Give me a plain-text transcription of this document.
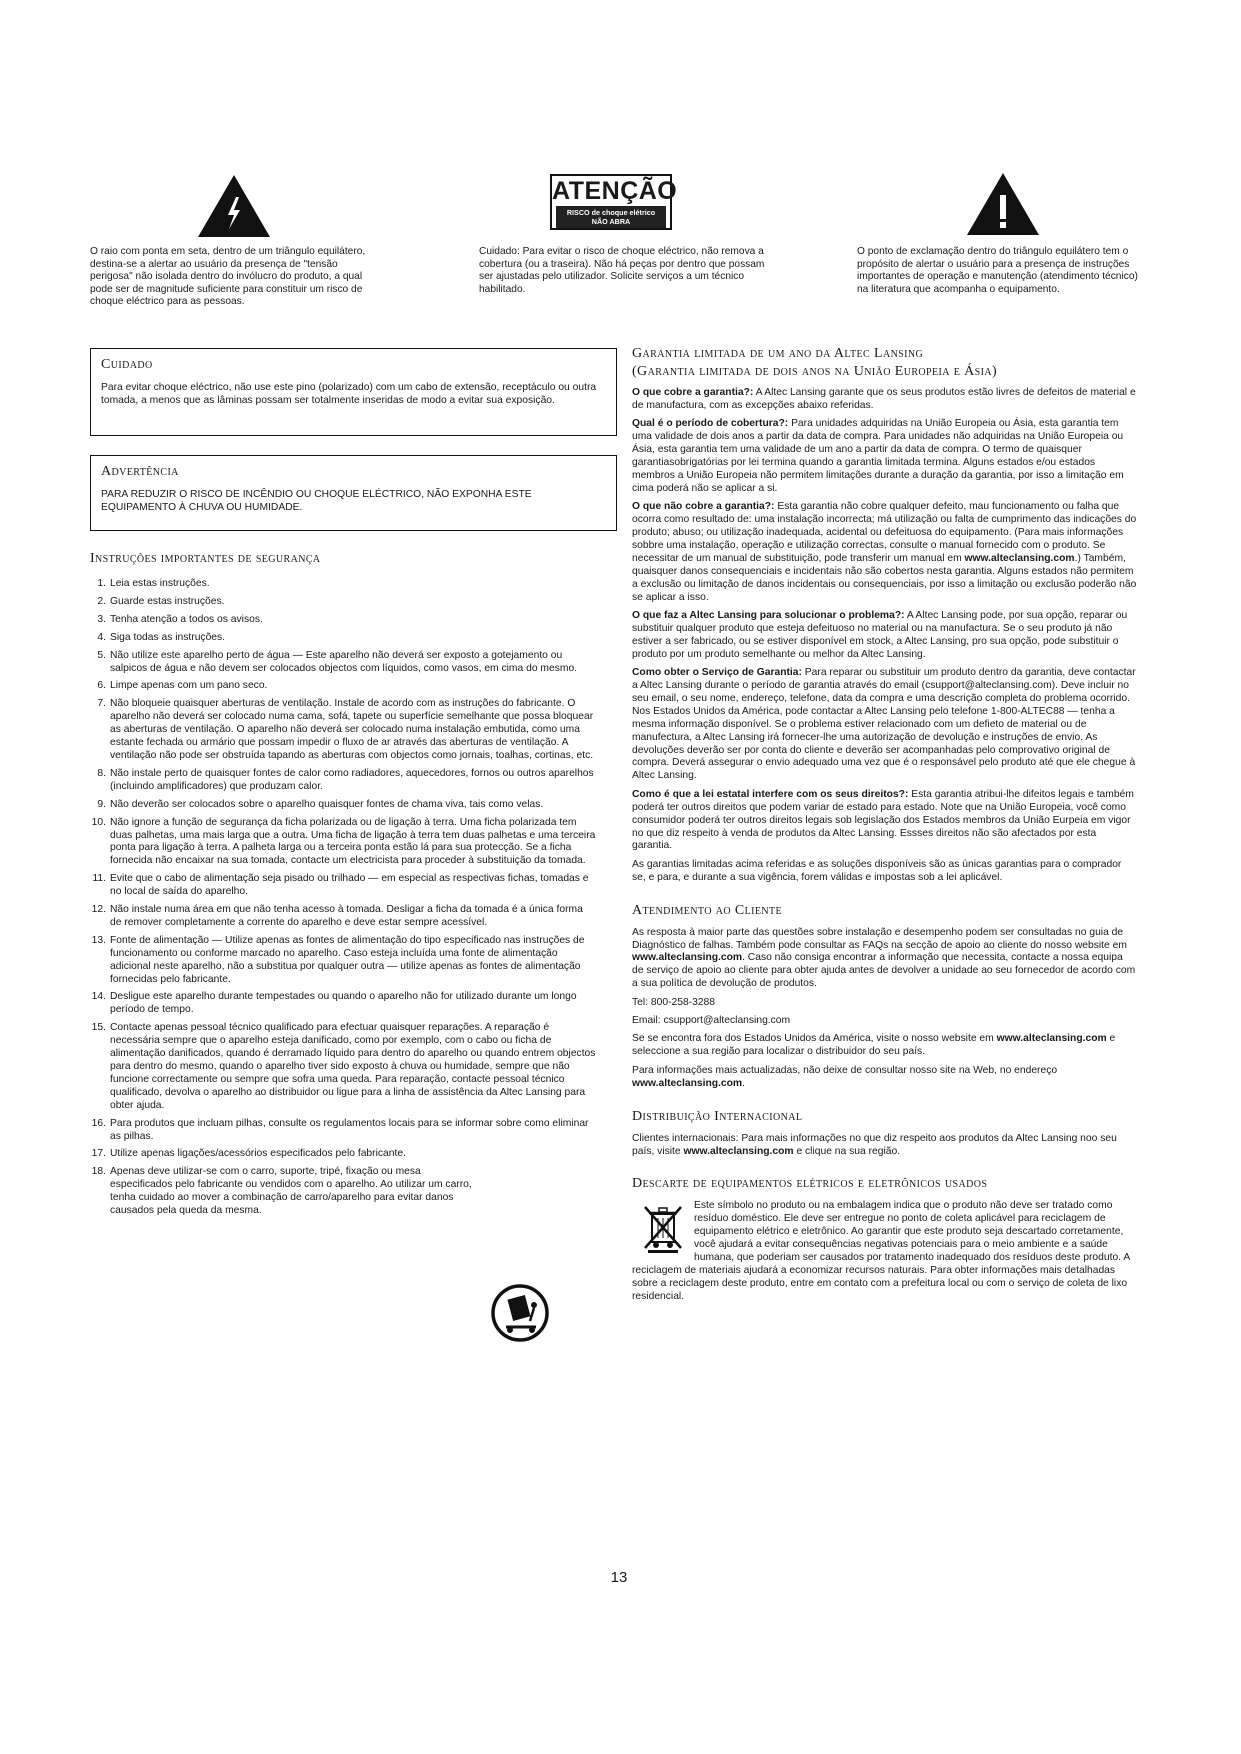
ATENÇÃO
RISCO de choque elétrico
NÃO ABRA
O raio com ponta em seta, dentro de um triângulo equilátero, destina-se a alertar ao usuário da presença de "tensão perigosa" não isolada dentro do invólucro do produto, a qual pode ser de magnitude suficiente para constituir um risco de choque eléctrico para as pessoas.
Cuidado: Para evitar o risco de choque eléctrico, não remova a cobertura (ou a traseira). Não há peças por dentro que possam ser ajustadas pelo utilizador. Solicite serviços a um técnico habilitado.
O ponto de exclamação dentro do triângulo equilátero tem o propósito de alertar o usuário para a presença de instruções importantes de operação e manutenção (atendimento técnico) na literatura que acompanha o equipamento.
Cuidado
Para evitar choque eléctrico, não use este pino (polarizado) com um cabo de extensão, receptáculo ou outra tomada, a menos que as lâminas possam ser totalmente inseridas de modo a evitar sua exposição.
Advertência
PARA REDUZIR O RISCO DE INCÊNDIO OU CHOQUE ELÉCTRICO, NÃO EXPONHA ESTE EQUIPAMENTO À CHUVA OU HUMIDADE.
Instruções importantes de segurança
1. Leia estas instruções.
2. Guarde estas instruções.
3. Tenha atenção a todos os avisos.
4. Siga todas as instruções.
5. Não utilize este aparelho perto de água — Este aparelho não deverá ser exposto a gotejamento ou salpicos de água e não devem ser colocados objectos com líquidos, como vasos, em cima do mesmo.
6. Limpe apenas com um pano seco.
7. Não bloqueie quaisquer aberturas de ventilação. Instale de acordo com as instruções do fabricante. O aparelho não deverá ser colocado numa cama, sofá, tapete ou superfície semelhante que possa bloquear as aberturas de ventilação. O aparelho não deverá ser colocado numa instalação embutida, como uma estante fechada ou armário que possam impedir o fluxo de ar através das aberturas de ventilação. A ventilação não pode ser obstruída tapando as aberturas com objectos como jornais, toalhas, cortinas, etc.
8. Não instale perto de quaisquer fontes de calor como radiadores, aquecedores, fornos ou outros aparelhos (incluindo amplificadores) que produzam calor.
9. Não deverão ser colocados sobre o aparelho quaisquer fontes de chama viva, tais como velas.
10. Não ignore a função de segurança da ficha polarizada ou de ligação à terra. Uma ficha polarizada tem duas palhetas, uma mais larga que a outra. Uma ficha de ligação à terra tem duas palhetas e uma terceira ponta para ligação à terra. A palheta larga ou a terceira ponta estão lá para sua protecção. Se a ficha fornecida não encaixar na sua tomada, contacte um electricista para proceder à substituição da tomada.
11. Evite que o cabo de alimentação seja pisado ou trilhado — em especial as respectivas fichas, tomadas e no local de saída do aparelho.
12. Não instale numa área em que não tenha acesso à tomada. Desligar a ficha da tomada é a única forma de remover completamente a corrente do aparelho e deve estar sempre acessível.
13. Fonte de alimentação — Utilize apenas as fontes de alimentação do tipo especificado nas instruções de funcionamento ou conforme marcado no aparelho. Caso esteja incluída uma fonte de alimentação adicional neste aparelho, não a substitua por qualquer outra — utilize apenas as fontes de alimentação fornecidas pelo fabricante.
14. Desligue este aparelho durante tempestades ou quando o aparelho não for utilizado durante um longo período de tempo.
15. Contacte apenas pessoal técnico qualificado para efectuar quaisquer reparações. A reparação é necessária sempre que o aparelho esteja danificado, como por exemplo, com o cabo ou ficha de alimentação danificados, quando é derramado líquido para dentro do aparelho ou quando entrem objectos para dentro do mesmo, quando o aparelho tiver sido exposto à chuva ou humidade, sempre que não funcione correctamente ou sempre que sofra uma queda. Para reparação, contacte pessoal técnico qualificado, devolva o aparelho ao distribuidor ou ligue para a linha de assistência da Altec Lansing para obter ajuda.
16. Para produtos que incluam pilhas, consulte os regulamentos locais para se informar sobre como eliminar as pilhas.
17. Utilize apenas ligações/acessórios especificados pelo fabricante.
18. Apenas deve utilizar-se com o carro, suporte, tripé, fixação ou mesa especificados pelo fabricante ou vendidos com o aparelho. Ao utilizar um carro, tenha cuidado ao mover a combinação de carro/aparelho para evitar danos causados pela queda da mesma.
Garantia limitada de um ano da Altec Lansing
(Garantia limitada de dois anos na União Europeia e Ásia)

O que cobre a garantia?: A Altec Lansing garante que os seus produtos estão livres de defeitos de material e de manufactura, com as excepções abaixo referidas.

Qual é o período de cobertura?: Para unidades adquiridas na União Europeia ou Ásia, esta garantia tem uma validade de dois anos a partir da data de compra. Para unidades não adquiridas na União Europeia ou Ásia, esta garantia tem uma validade de um ano a partir da data de compra. O termo de quaisquer garantiasobrigatórias por lei termina quando a garantia limitada termina. Alguns estados e/ou estados membros a União Europeia não permitem limitações durante a duração da garantia, por isso a limitação em cima poderá não se aplicar a si.

O que não cobre a garantia?: Esta garantia não cobre qualquer defeito, mau funcionamento ou falha que ocorra como resultado de: uma instalação incorrecta; má utilização ou falta de cumprimento das indicações do produto; abuso; ou utilização inadequada, acidental ou defeituosa do equipamento. (Para mais informações sobbre uma instalação, operação e utilização correctas, consulte o manual fornecido com o produto. Se necessitar de um manual de substituição, pode transferir um manual em www.alteclansing.com.) Também, quaisquer danos consequenciais e incidentais não são cobertos nesta garantia. Alguns estados não permitem a exclusão ou limitação de danos incidentais ou consequenciais, por isso a limitação ou exclusão poderão não se aplicar a isso.

O que faz a Altec Lansing para solucionar o problema?: A Altec Lansing pode, por sua opção, reparar ou substituir qualquer produto que esteja defeituoso no material ou na manufactura. Se o seu produto já não estiver a ser fabricado, ou se estiver disponível em stock, a Altec Lansing, pro sua opção, pode substituir o produto por um produto semelhante ou melhor da Altec Lansing.

Como obter o Serviço de Garantia: Para reparar ou substituir um produto dentro da garantia, deve contactar a Altec Lansing durante o período de garantia através do email (csupport@alteclansing.com). Deve incluir no seu email, o seu nome, endereço, telefone, data da compra e uma descrição completa do problema ocorrido. Nos Estados Unidos da América, pode contactar a Altec Lansing pelo telefone 1-800-ALTEC88 — tenha a mesma informação disponível. Se o problema estiver relacionado com um defieto de material ou de manufectura, a Altec Lansing irá fornecer-lhe uma autorização de devolução e instruções de envio. As devoluções deverão ser por conta do cliente e deverão ser acompanhadas pelo comprovativo original de compra. Deverá assegurar o envio adequado uma vez que é o responsável pelo produto até que ele chegue à Altec Lansing.

Como é que a lei estatal interfere com os seus direitos?: Esta garantia atribui-lhe difeitos legais e também poderá ter outros direitos que podem variar de estado para estado. Note que na União Europeia, você como consumidor poderá ter outros direitos legais sob legislação dos Estados membros da União Eurpeia em vigor no que diz respeito à venda de produtos da Altec Lansing. Essses direitos não são afectados por esta garantia.

As garantias limitadas acima referidas e as soluções disponíveis são as únicas garantias para o comprador se, e para, e durante a sua vigência, forem válidas e impostas sob a lei aplicável.

Atendimento ao Cliente

As resposta à maior parte das questões sobre instalação e desempenho podem ser consultadas no guia de Diagnóstico de falhas. Também pode consultar as FAQs na secção de apoio ao cliente do nosso website em www.alteclansing.com. Caso não consiga encontrar a informação que necessita, contacte a nossa equipa de serviço de apoio ao cliente para obter ajuda antes de devolver a unidade ao seu fornecedor de acordo com a sua política de devolução de produtos.

Tel: 800-258-3288

Email: csupport@alteclansing.com

Se se encontra fora dos Estados Unidos da América, visite o nosso website em www.alteclansing.com e seleccione a sua região para localizar o distribuidor do seu país.

Para informações mais actualizadas, não deixe de consultar nosso site na Web, no endereço www.alteclansing.com.

Distribuição Internacional

Clientes internacionais: Para mais informações no que diz respeito aos produtos da Altec Lansing noo seu país, visite www.alteclansing.com e clique na sua região.

Descarte de equipamentos elétricos e eletrônicos usados
Este símbolo no produto ou na embalagem indica que o produto não deve ser tratado como resíduo doméstico. Ele deve ser entregue no ponto de coleta aplicável para reciclagem de equipamento elétrico e eletrônico. Ao garantir que este produto seja descartado corretamente, você ajudará a evitar consequências negativas potenciais para o meio ambiente e a saúde humana, que poderiam ser causados por tratamento inadequado dos resíduos deste produto. A reciclagem de materiais ajudará a economizar recursos naturais. Para obter informações mais detalhadas sobre a reciclagem deste produto, entre em contato com a prefeitura local ou com o serviço de coleta de lixo residencial.
13
